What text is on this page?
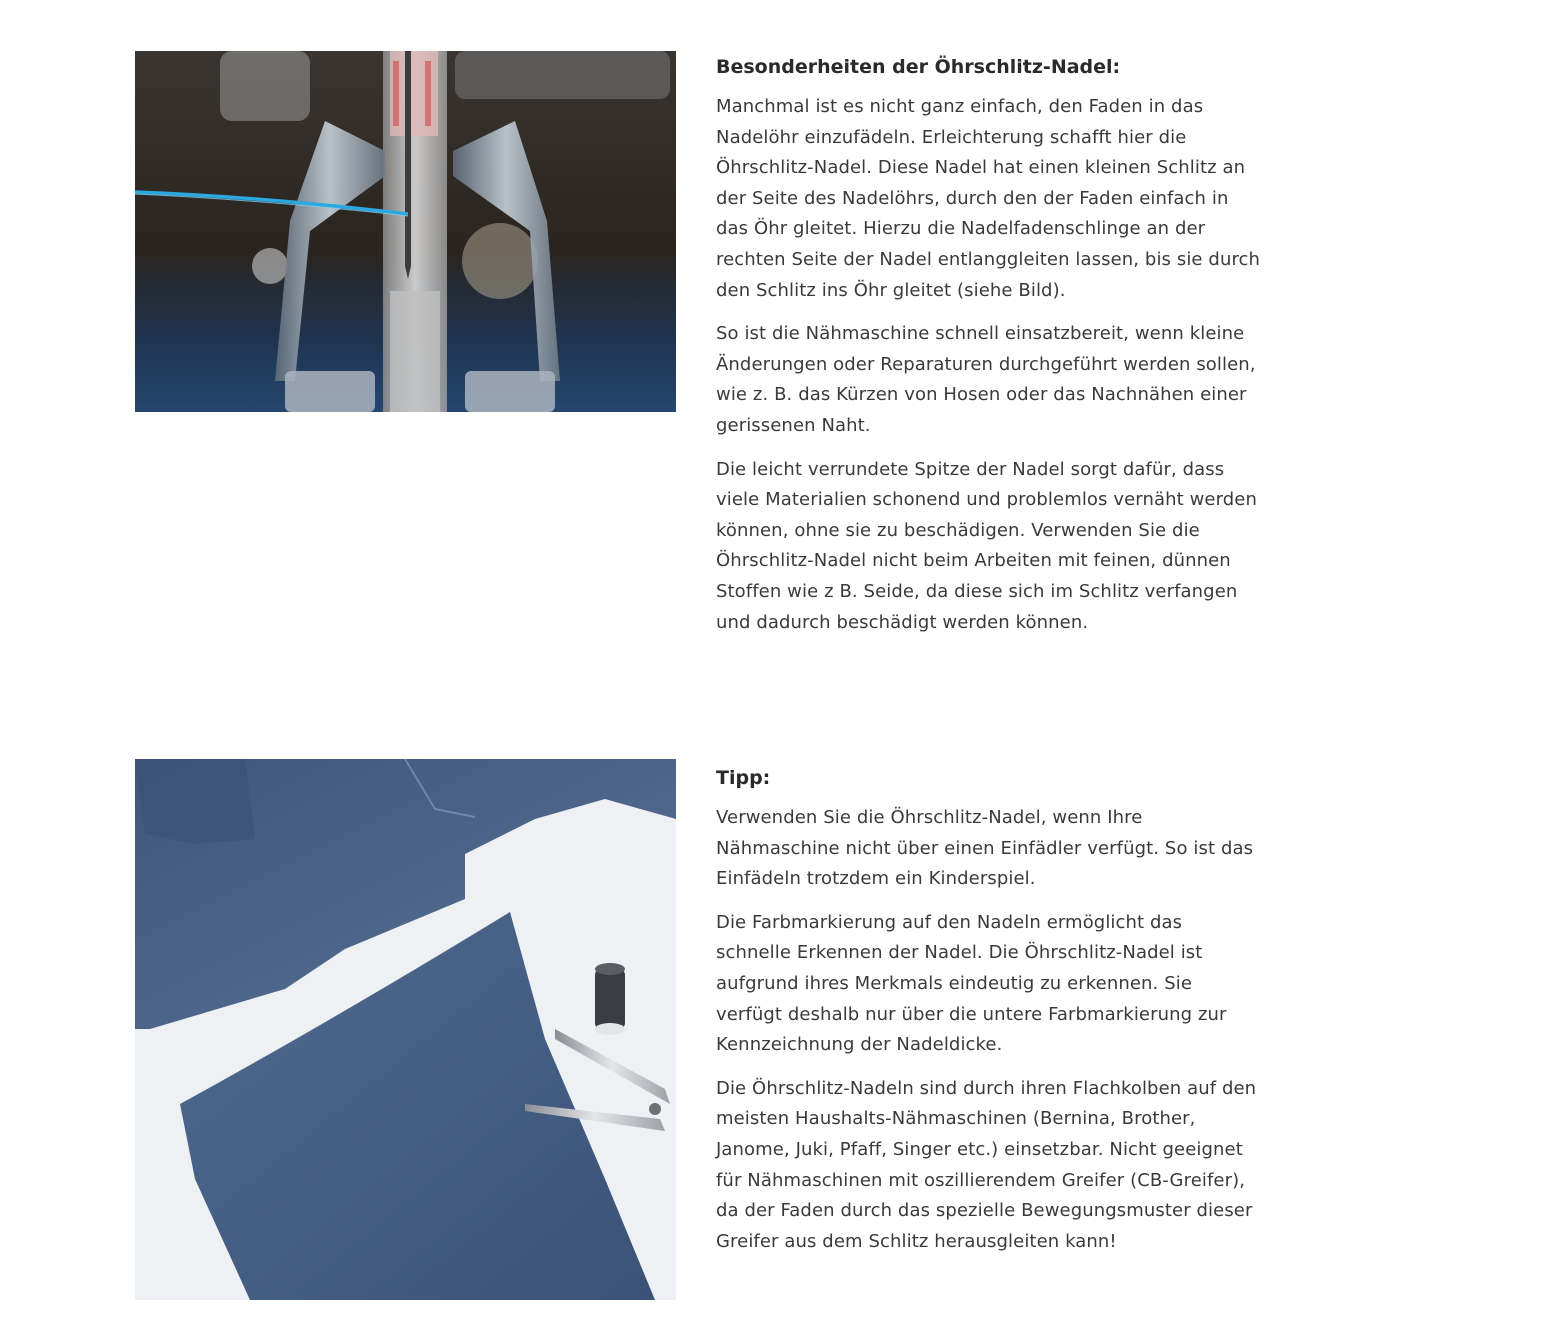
Besonderheiten der Öhrschlitz-Nadel:

Manchmal ist es nicht ganz einfach, den Faden in das Nadelöhr einzufädeln. Erleichterung schafft hier die Öhrschlitz-Nadel. Diese Nadel hat einen kleinen Schlitz an der Seite des Nadelöhrs, durch den der Faden einfach in das Öhr gleitet. Hierzu die Nadelfadenschlinge an der rechten Seite der Nadel entlanggleiten lassen, bis sie durch den Schlitz ins Öhr gleitet (siehe Bild).

So ist die Nähmaschine schnell einsatzbereit, wenn kleine Änderungen oder Reparaturen durchgeführt werden sollen, wie z. B. das Kürzen von Hosen oder das Nachnähen einer gerissenen Naht.

Die leicht verrundete Spitze der Nadel sorgt dafür, dass viele Materialien schonend und problemlos vernäht werden können, ohne sie zu beschädigen. Verwenden Sie die Öhrschlitz-Nadel nicht beim Arbeiten mit feinen, dünnen Stoffen wie z B. Seide, da diese sich im Schlitz verfangen und dadurch beschädigt werden können.

Tipp:

Verwenden Sie die Öhrschlitz-Nadel, wenn Ihre Nähmaschine nicht über einen Einfädler verfügt. So ist das Einfädeln trotzdem ein Kinderspiel.

Die Farbmarkierung auf den Nadeln ermöglicht das schnelle Erkennen der Nadel. Die Öhrschlitz-Nadel ist aufgrund ihres Merkmals eindeutig zu erkennen. Sie verfügt deshalb nur über die untere Farbmarkierung zur Kennzeichnung der Nadeldicke.

Die Öhrschlitz-Nadeln sind durch ihren Flachkolben auf den meisten Haushalts-Nähmaschinen (Bernina, Brother, Janome, Juki, Pfaff, Singer etc.) einsetzbar. Nicht geeignet für Nähmaschinen mit oszillierendem Greifer (CB-Greifer), da der Faden durch das spezielle Bewegungsmuster dieser Greifer aus dem Schlitz herausgleiten kann!
